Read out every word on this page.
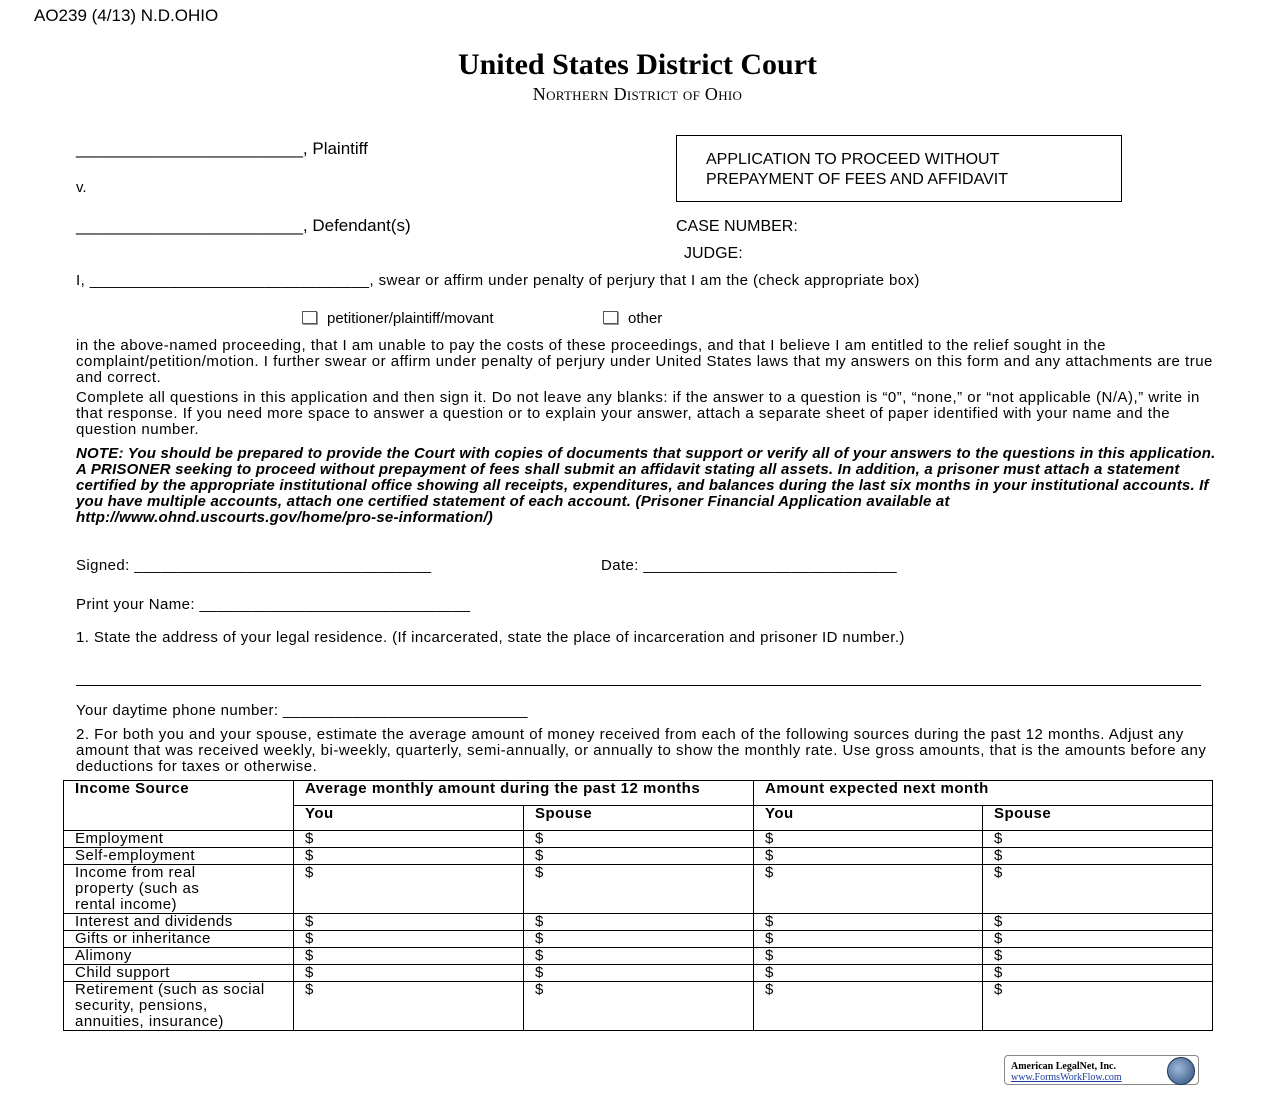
AO239 (4/13) N.D.OHIO
United States District Court
Northern District of Ohio
________________________, Plaintiff
v.
________________________, Defendant(s)
APPLICATION TO PROCEED WITHOUT
PREPAYMENT OF FEES AND AFFIDAVIT
CASE NUMBER:
JUDGE:
I, ________________________________, swear or affirm under penalty of perjury that I am the (check appropriate box)
petitioner/plaintiff/movant	other
in the above-named proceeding, that I am unable to pay the costs of these proceedings, and that I believe I am entitled to the relief sought in the complaint/petition/motion. I further swear or affirm under penalty of perjury under United States laws that my answers on this form and any attachments are true and correct.
Complete all questions in this application and then sign it. Do not leave any blanks: if the answer to a question is “0”, “none,” or “not applicable (N/A),” write in that response. If you need more space to answer a question or to explain your answer, attach a separate sheet of paper identified with your name and the question number.
NOTE: You should be prepared to provide the Court with copies of documents that support or verify all of your answers to the questions in this application. A PRISONER seeking to proceed without prepayment of fees shall submit an affidavit stating all assets. In addition, a prisoner must attach a statement certified by the appropriate institutional office showing all receipts, expenditures, and balances during the last six months in your institutional accounts. If you have multiple accounts, attach one certified statement of each account. (Prisoner Financial Application available at http://www.ohnd.uscourts.gov/home/pro-se-information/)
Signed: __________________________________	Date: _____________________________
Print your Name: _______________________________
1. State the address of your legal residence. (If incarcerated, state the place of incarceration and prisoner ID number.)
Your daytime phone number: ____________________________
2. For both you and your spouse, estimate the average amount of money received from each of the following sources during the past 12 months. Adjust any amount that was received weekly, bi-weekly, quarterly, semi-annually, or annually to show the monthly rate. Use gross amounts, that is the amounts before any deductions for taxes or otherwise.
Income Source	Average monthly amount during the past 12 months		Amount expected next month	
	You	Spouse	You	Spouse
Employment	$	$	$	$
Self-employment	$	$	$	$
Income from real property (such as rental income)	$	$	$	$
Interest and dividends	$	$	$	$
Gifts or inheritance	$	$	$	$
Alimony	$	$	$	$
Child support	$	$	$	$
Retirement (such as social security, pensions, annuities, insurance)	$	$	$	$
American LegalNet, Inc.
www.FormsWorkFlow.com
